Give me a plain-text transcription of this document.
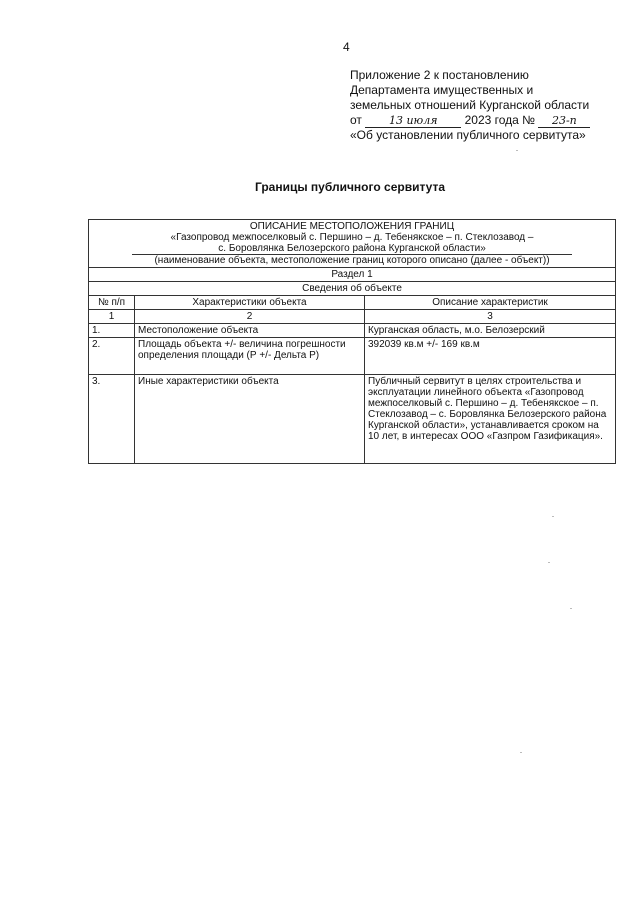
4
Приложение 2 к постановлению
Департамента имущественных и
земельных отношений Курганской области
от 13 июля 2023 года № 23-п
«Об установлении публичного сервитута»
Границы публичного сервитута
ОПИСАНИЕ МЕСТОПОЛОЖЕНИЯ ГРАНИЦ
«Газопровод межпоселковый с. Першино – д. Тебенякское – п. Стеклозавод –
с. Боровлянка Белозерского района Курганской области»
(наименование объекта, местоположение границ которого описано (далее - объект))		

Раздел 1		
Сведения об объекте		
№ п/п	Характеристики объекта	Описание характеристик
1	2	3
1.	Местоположение объекта	Курганская область, м.о. Белозерский
2.	Площадь объекта +/- величина погрешности определения площади (Р +/- Дельта Р)	392039 кв.м +/- 169 кв.м
3.	Иные характеристики объекта	Публичный сервитут в целях строительства и эксплуатации линейного объекта «Газопровод межпоселковый с. Першино – д. Тебенякское – п. Стеклозавод – с. Боровлянка Белозерского района Курганской области», устанавливается сроком на 10 лет, в интересах ООО «Газпром Газификация».
